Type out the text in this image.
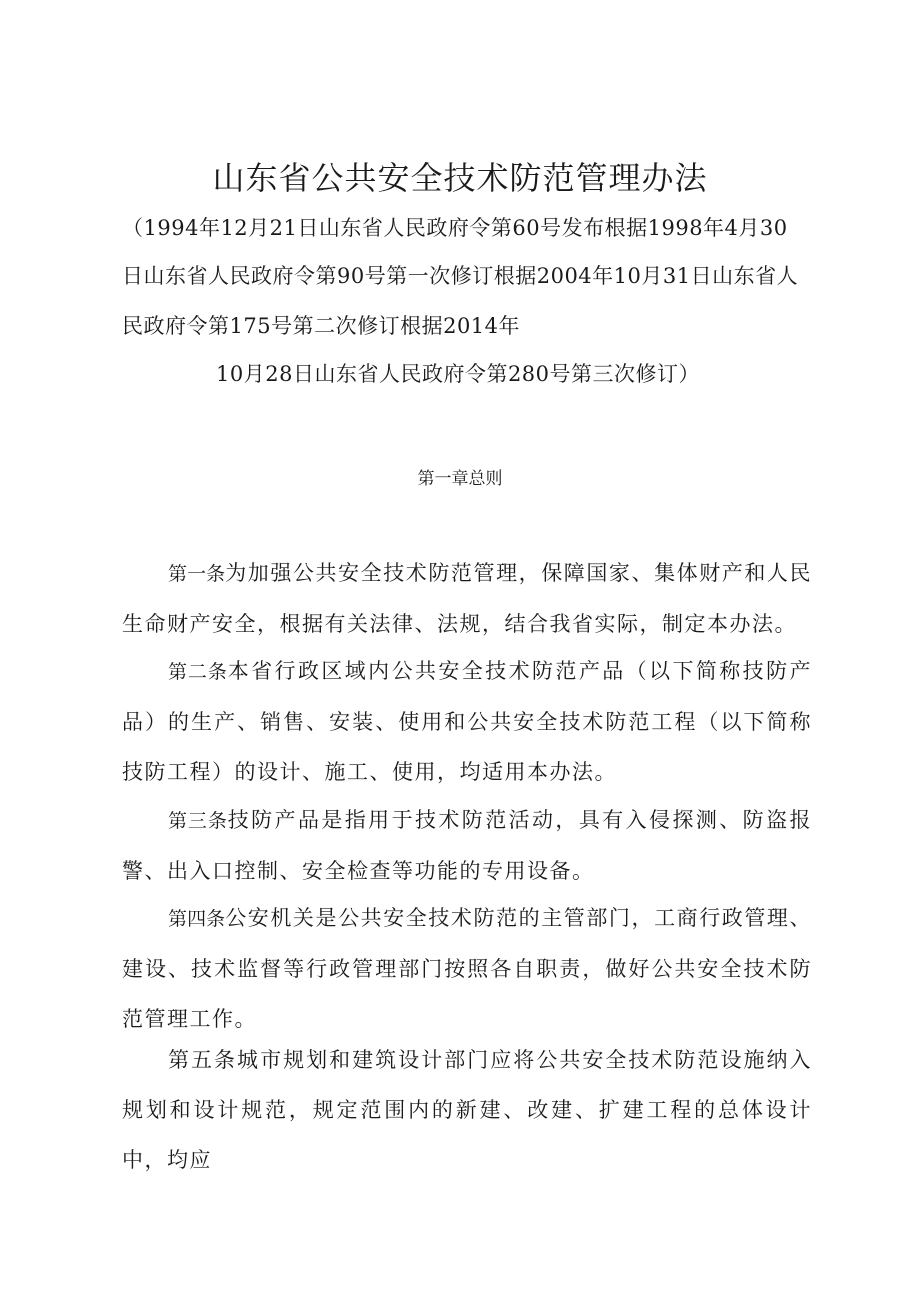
山东省公共安全技术防范管理办法

（1994年12月21日山东省人民政府令第60号发布根据1998年4月30

日山东省人民政府令第90号第一次修订根据2004年10月31日山东省人

民政府令第175号第二次修订根据2014年

10月28日山东省人民政府令第280号第三次修订）

第一章总则

第一条为加强公共安全技术防范管理，保障国家、集体财产和人民生命财产安全，根据有关法律、法规，结合我省实际，制定本办法。

第二条本省行政区域内公共安全技术防范产品（以下简称技防产品）的生产、销售、安装、使用和公共安全技术防范工程（以下简称技防工程）的设计、施工、使用，均适用本办法。

第三条技防产品是指用于技术防范活动，具有入侵探测、防盗报警、出入口控制、安全检查等功能的专用设备。

第四条公安机关是公共安全技术防范的主管部门，工商行政管理、建设、技术监督等行政管理部门按照各自职责，做好公共安全技术防范管理工作。

第五条城市规划和建筑设计部门应将公共安全技术防范设施纳入规划和设计规范，规定范围内的新建、改建、扩建工程的总体设计中，均应
